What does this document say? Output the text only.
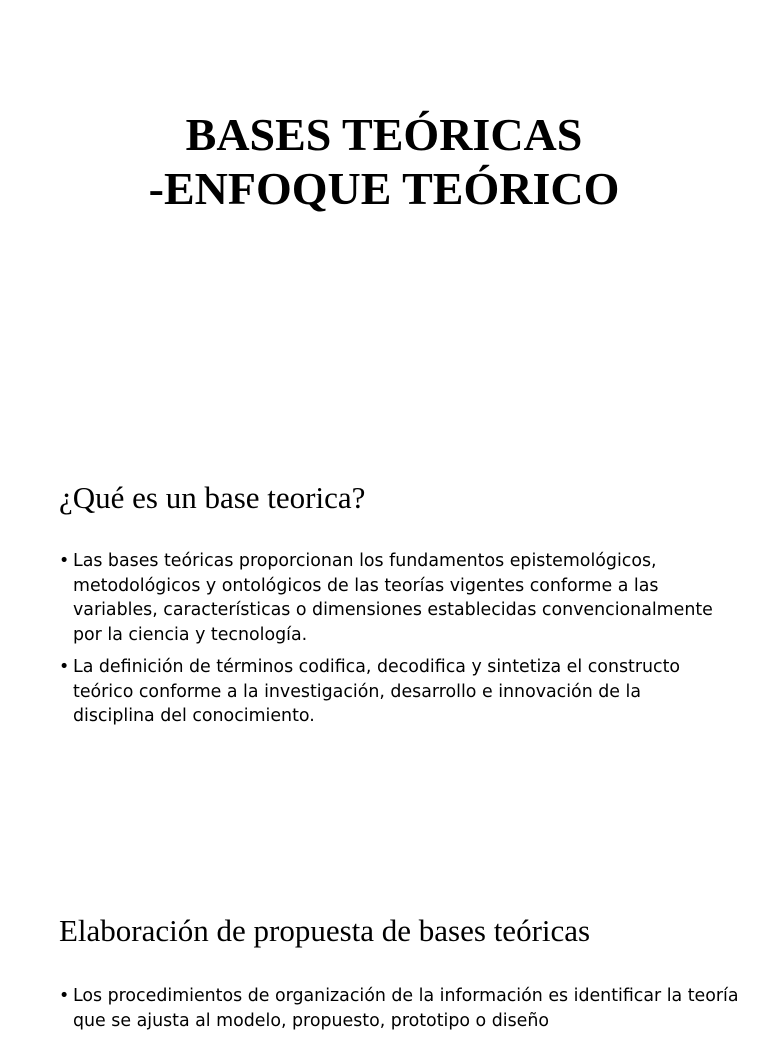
BASES TEÓRICAS
-ENFOQUE TEÓRICO
¿Qué es un base teorica?
• Las bases teóricas proporcionan los fundamentos epistemológicos, metodológicos y ontológicos de las teorías vigentes conforme a las variables, características o dimensiones establecidas convencionalmente por la ciencia y tecnología.
• La definición de términos codifica, decodifica y sintetiza el constructo teórico conforme a la investigación, desarrollo e innovación de la disciplina del conocimiento.
Elaboración de propuesta de bases teóricas
• Los procedimientos de organización de la información es identificar la teoría que se ajusta al modelo, propuesto, prototipo o diseño
